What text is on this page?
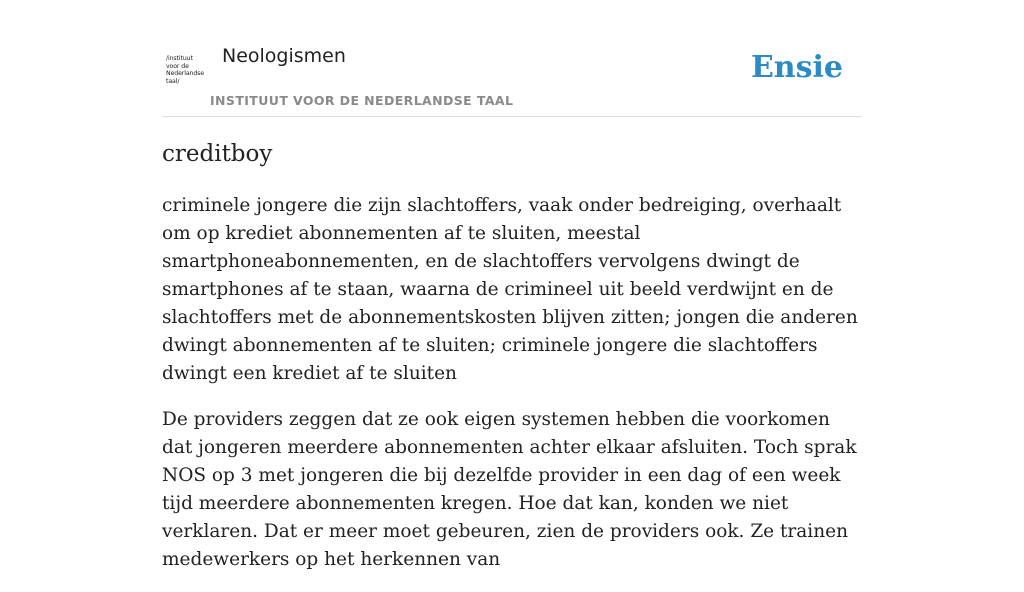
/instituut
voor de
Nederlandse
taal/
Neologismen
INSTITUUT VOOR DE NEDERLANDSE TAAL
Ensie
creditboy

criminele jongere die zijn slachtoffers, vaak onder bedreiging, overhaalt om op krediet abonnementen af te sluiten, meestal smartphoneabonnementen, en de slachtoffers vervolgens dwingt de smartphones af te staan, waarna de crimineel uit beeld verdwijnt en de slachtoffers met de abonnementskosten blijven zitten; jongen die anderen dwingt abonnementen af te sluiten; criminele jongere die slachtoffers dwingt een krediet af te sluiten

De providers zeggen dat ze ook eigen systemen hebben die voorkomen dat jongeren meerdere abonnementen achter elkaar afsluiten. Toch sprak NOS op 3 met jongeren die bij dezelfde provider in een dag of een week tijd meerdere abonnementen kregen. Hoe dat kan, konden we niet verklaren. Dat er meer moet gebeuren, zien de providers ook. Ze trainen medewerkers op het herkennen van
